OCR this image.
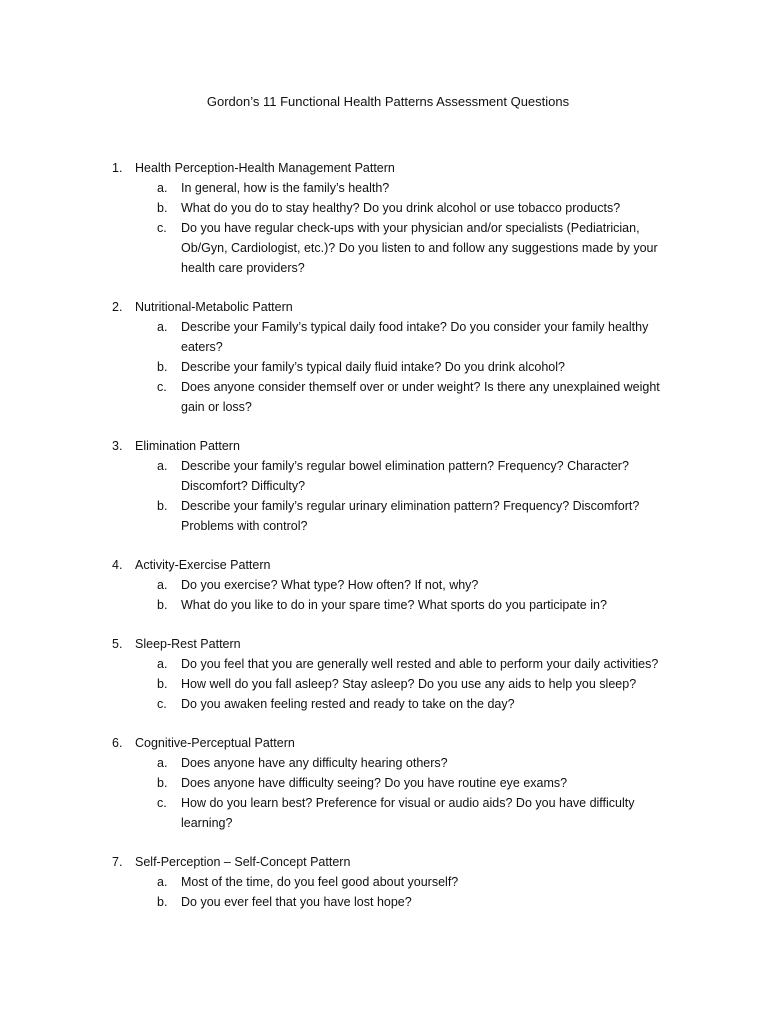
Gordon’s 11 Functional Health Patterns Assessment Questions
1.	Health Perception-Health Management Pattern
a.	In general, how is the family’s health?
b.	What do you do to stay healthy? Do you drink alcohol or use tobacco products?
c.	Do you have regular check-ups with your physician and/or specialists (Pediatrician, Ob/Gyn, Cardiologist, etc.)? Do you listen to and follow any suggestions made by your health care providers?
2.	Nutritional-Metabolic Pattern
a.	Describe your Family’s typical daily food intake? Do you consider your family healthy eaters?
b.	Describe your family’s typical daily fluid intake? Do you drink alcohol?
c.	Does anyone consider themself over or under weight? Is there any unexplained weight gain or loss?
3.	Elimination Pattern
a.	Describe your family’s regular bowel elimination pattern? Frequency? Character? Discomfort? Difficulty?
b.	Describe your family’s regular urinary elimination pattern? Frequency? Discomfort? Problems with control?
4.	Activity-Exercise Pattern
a.	Do you exercise? What type? How often? If not, why?
b.	What do you like to do in your spare time? What sports do you participate in?
5.	Sleep-Rest Pattern
a.	Do you feel that you are generally well rested and able to perform your daily activities?
b.	How well do you fall asleep? Stay asleep? Do you use any aids to help you sleep?
c.	Do you awaken feeling rested and ready to take on the day?
6.	Cognitive-Perceptual Pattern
a.	Does anyone have any difficulty hearing others?
b.	Does anyone have difficulty seeing? Do you have routine eye exams?
c.	How do you learn best? Preference for visual or audio aids? Do you have difficulty learning?
7.	Self-Perception – Self-Concept Pattern
a.	Most of the time, do you feel good about yourself?
b.	Do you ever feel that you have lost hope?
